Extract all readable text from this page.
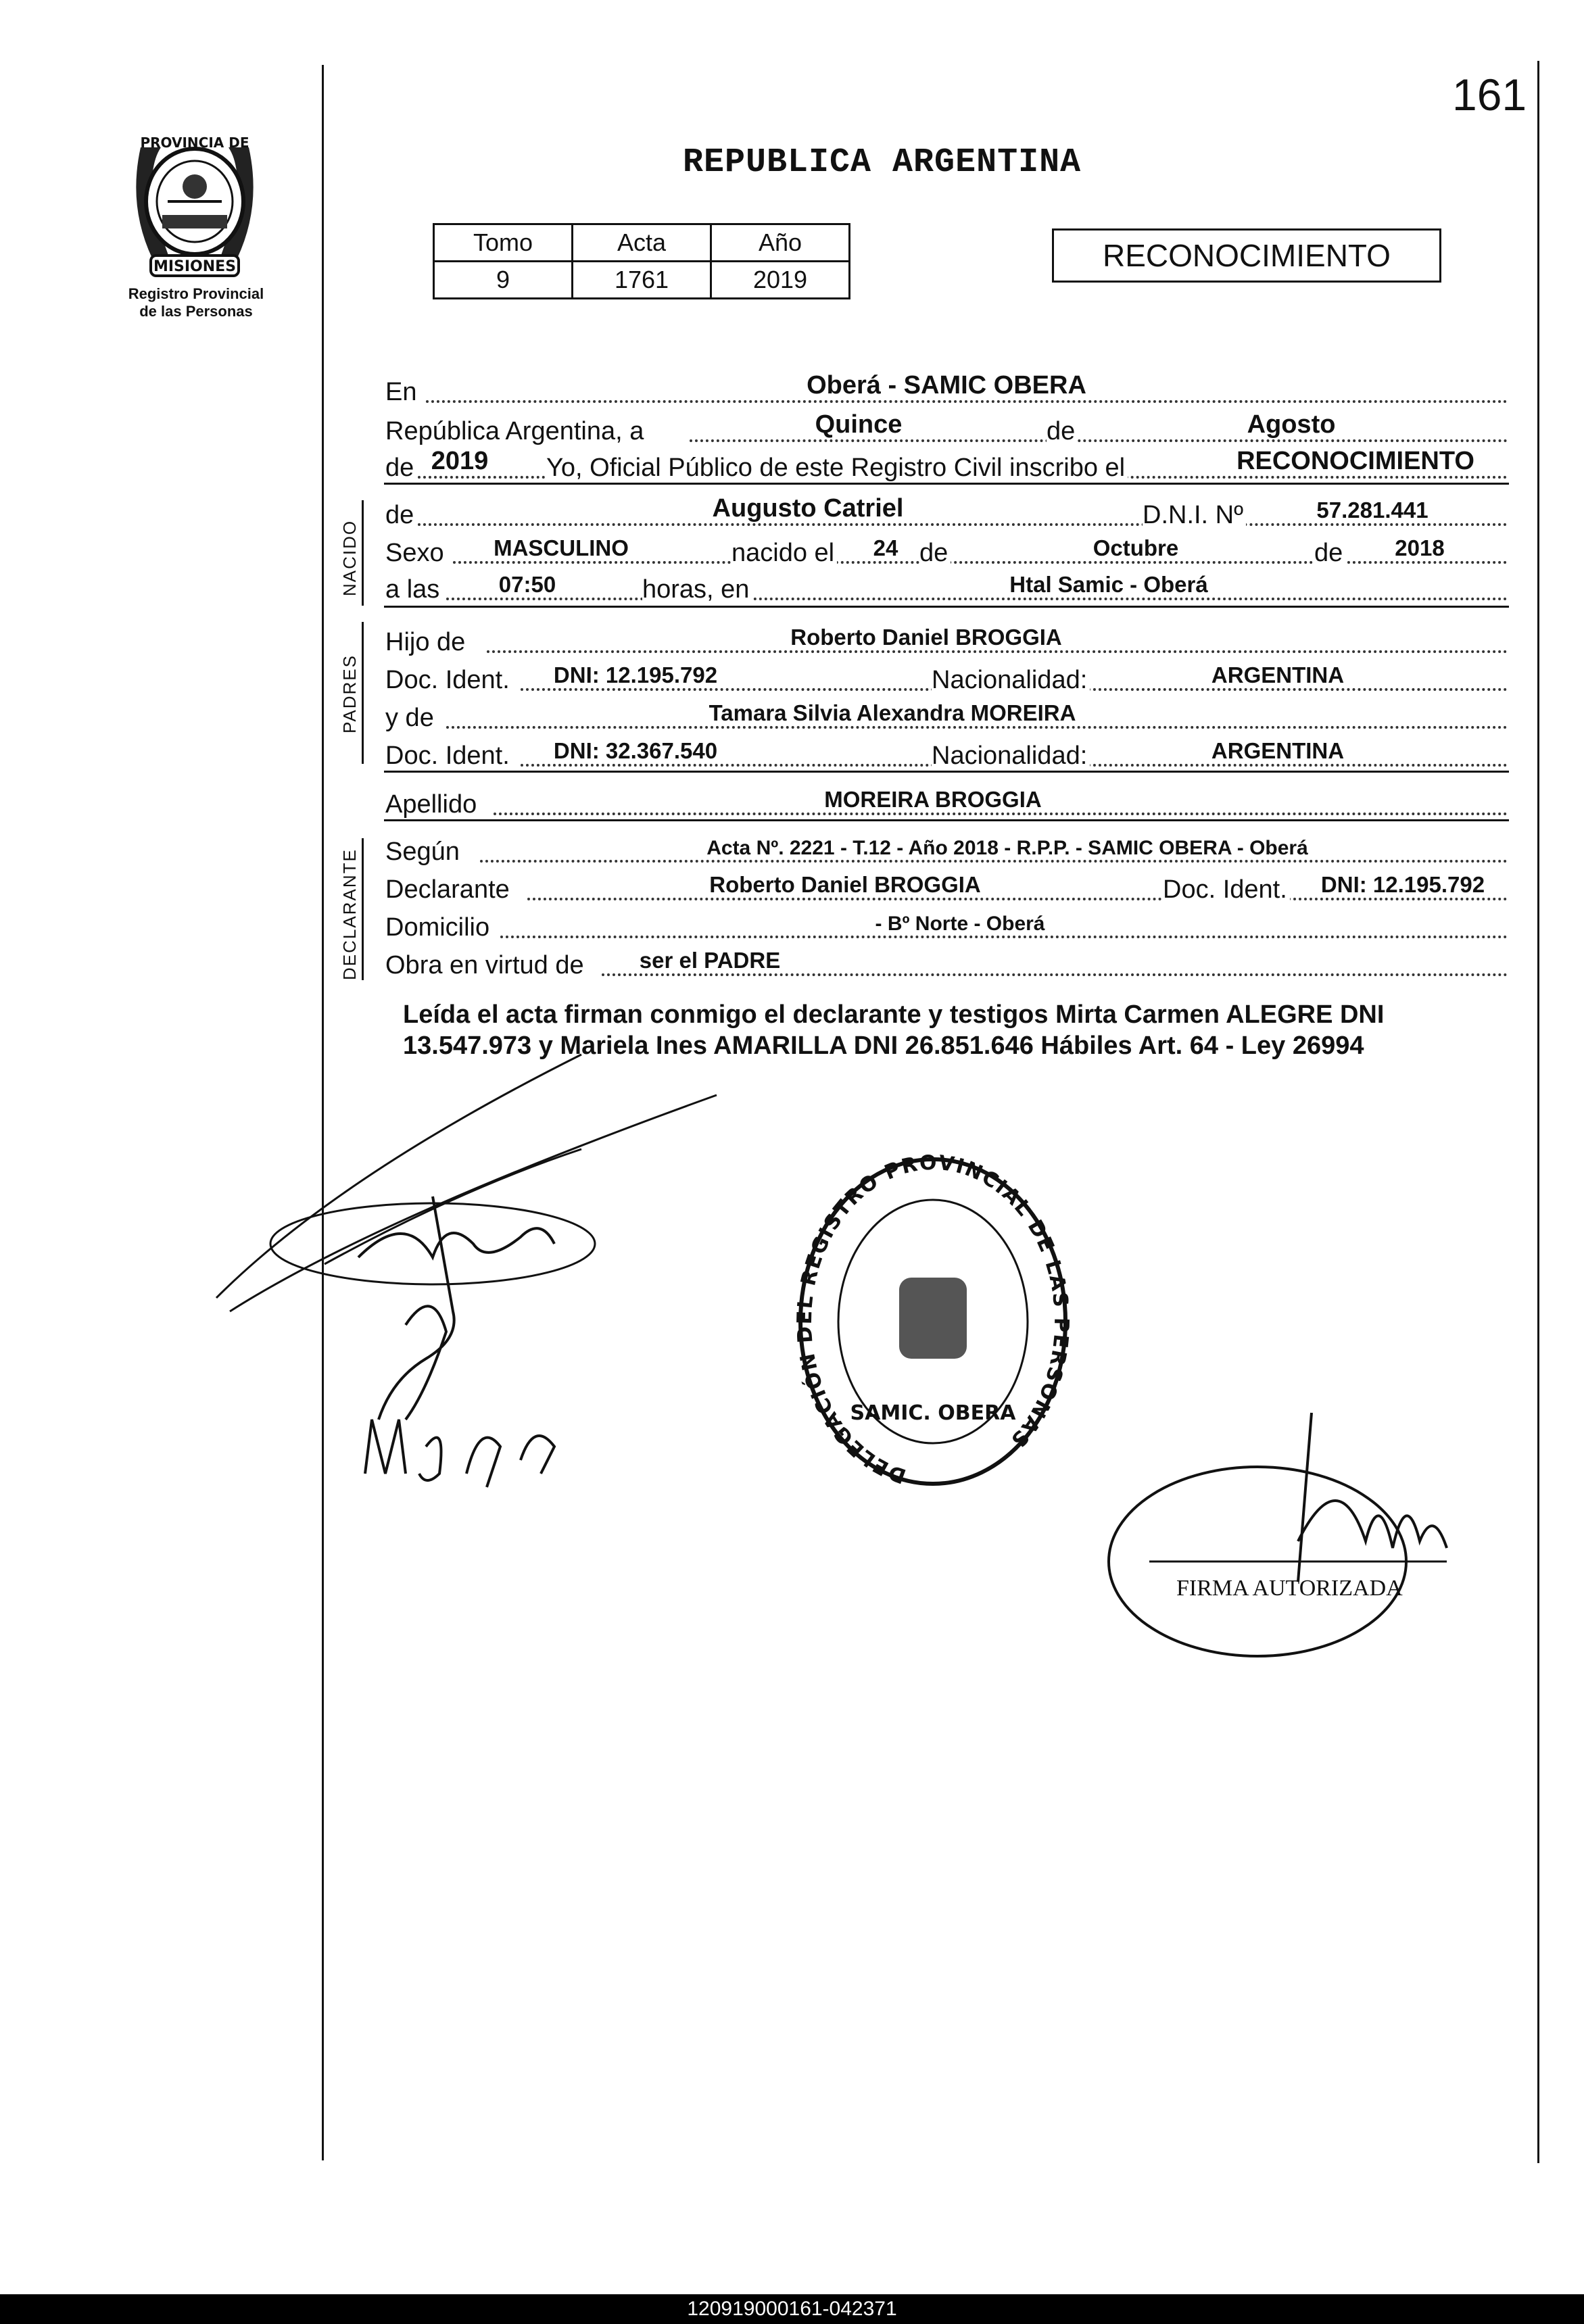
161
MISIONES
PROVINCIA DE
Registro Provincial
de las Personas
REPUBLICA ARGENTINA
Tomo	Acta	Año
9	1761	2019
RECONOCIMIENTO
En	Oberá - SAMIC OBERA
República Argentina, a	Quince	de	Agosto
de 2019	Yo, Oficial Público de este Registro Civil inscribo el	RECONOCIMIENTO
NACIDO
de	Augusto Catriel	D.N.I. Nº	57.281.441
Sexo	MASCULINO	nacido el	24 de	Octubre	de	2018
a las	07:50	horas, en	Htal Samic - Oberá
PADRES
Hijo de	Roberto Daniel BROGGIA
Doc. Ident.	DNI: 12.195.792	Nacionalidad:	ARGENTINA
y de	Tamara Silvia Alexandra MOREIRA
Doc. Ident.	DNI: 32.367.540	Nacionalidad:	ARGENTINA
Apellido	MOREIRA BROGGIA
DECLARANTE Según	Acta Nº. 2221 - T.12 - Año 2018 - R.P.P. - SAMIC OBERA - Oberá
Declarante	Roberto Daniel BROGGIA	Doc. Ident.	DNI: 12.195.792
Domicilio	- Bº Norte - Oberá
Obra en virtud de	ser el PADRE
Leída el acta firman conmigo el declarante y testigos Mirta Carmen ALEGRE DNI 13.547.973 y Mariela Ines AMARILLA DNI 26.851.646 Hábiles Art. 64 - Ley 26994
DELEGACIÓN DEL REGISTRO PROVINCIAL DE LAS PERSONAS
SAMIC. OBERA
FIRMA AUTORIZADA
120919000161-042371
